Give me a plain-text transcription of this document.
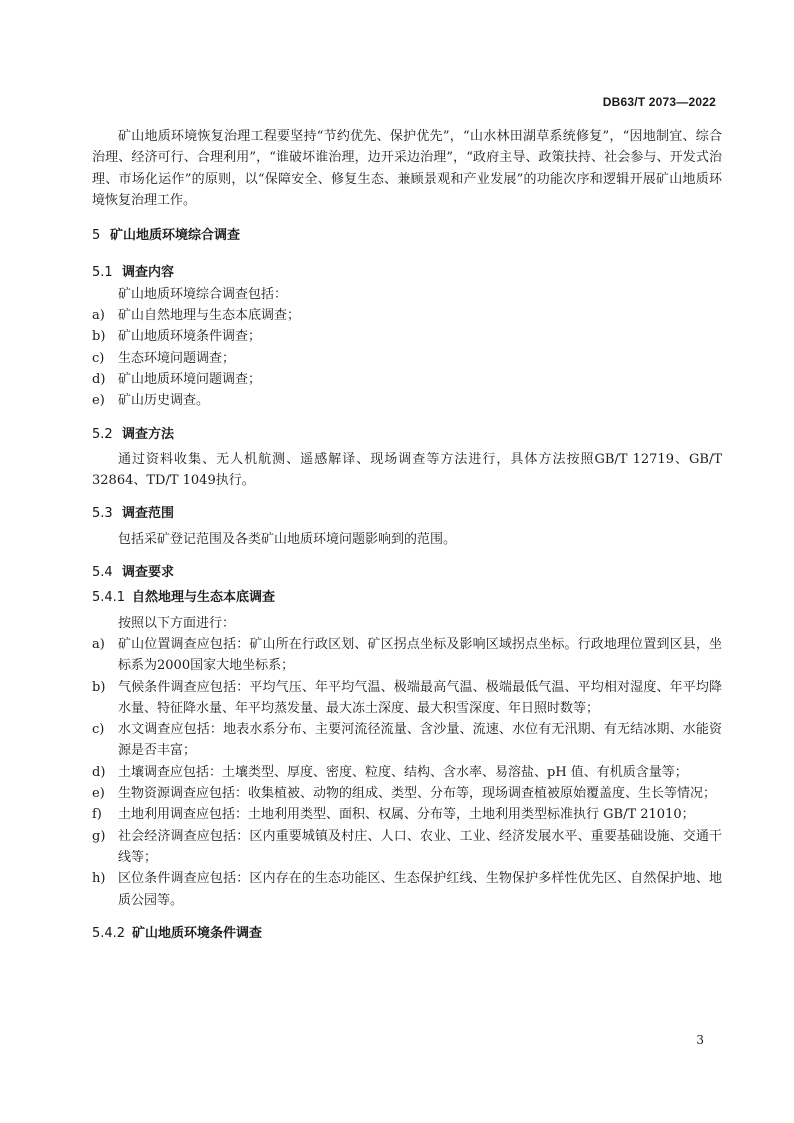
DB63/T 2073—2022

矿山地质环境恢复治理工程要坚持“节约优先、保护优先”，“山水林田湖草系统修复”，“因地制宜、综合治理、经济可行、合理利用”，“谁破坏谁治理，边开采边治理”，“政府主导、政策扶持、社会参与、开发式治理、市场化运作”的原则，以“保障安全、修复生态、兼顾景观和产业发展”的功能次序和逻辑开展矿山地质环境恢复治理工作。

5 矿山地质环境综合调查
5.1 调查内容

矿山地质环境综合调查包括：

a)	矿山自然地理与生态本底调查；
b) 矿山地质环境条件调查；
c)	生态环境问题调查；
d) 矿山地质环境问题调查；
e)	矿山历史调查。
5.2 调查方法

通过资料收集、无人机航测、遥感解译、现场调查等方法进行，具体方法按照GB/T 12719、GB/T 32864、TD/T 1049执行。

5.3 调查范围

包括采矿登记范围及各类矿山地质环境问题影响到的范围。

5.4 调查要求
5.4.1 自然地理与生态本底调查

按照以下方面进行：

a)	矿山位置调查应包括：矿山所在行政区划、矿区拐点坐标及影响区域拐点坐标。行政地理位置到区县，坐标系为2000国家大地坐标系；
b) 气候条件调查应包括：平均气压、年平均气温、极端最高气温、极端最低气温、平均相对湿度、年平均降水量、特征降水量、年平均蒸发量、最大冻土深度、最大积雪深度、年日照时数等；
c)	水文调查应包括：地表水系分布、主要河流径流量、含沙量、流速、水位有无汛期、有无结冰期、水能资源是否丰富；
d) 土壤调查应包括：土壤类型、厚度、密度、粒度、结构、含水率、易溶盐、pH 值、有机质含量等；
e)	生物资源调查应包括：收集植被、动物的组成、类型、分布等，现场调查植被原始覆盖度、生长等情况；
f)	土地利用调查应包括：土地利用类型、面积、权属、分布等，土地利用类型标准执行 GB/T 21010；
g) 社会经济调查应包括：区内重要城镇及村庄、人口、农业、工业、经济发展水平、重要基础设施、交通干线等；
h) 区位条件调查应包括：区内存在的生态功能区、生态保护红线、生物保护多样性优先区、自然保护地、地质公园等。
5.4.2 矿山地质环境条件调查
3
